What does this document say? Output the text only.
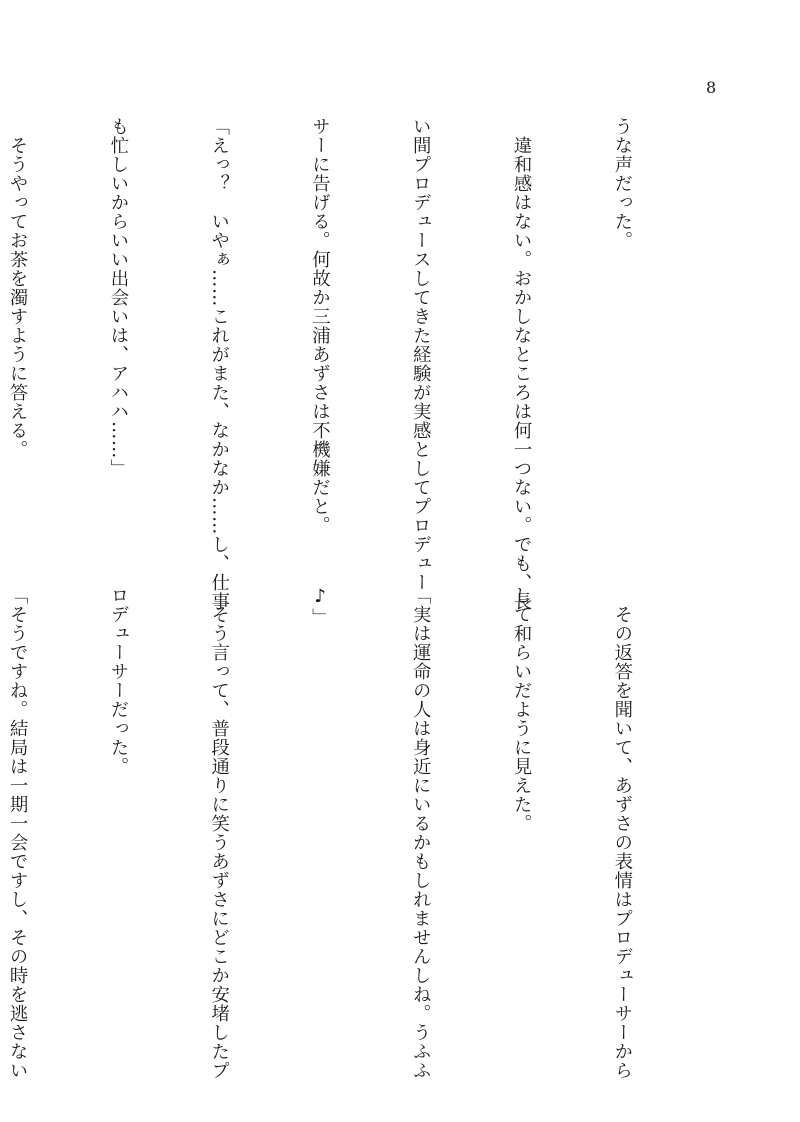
8

うな声だった。

　違和感はない。おかしなところは何一つない。でも、長

い間プロデュースしてきた経験が実感としてプロデュー

サーに告げる。何故か三浦あずさは不機嫌だと。

「えっ？　いやぁ……これがまた、なかなか……し、仕事

も忙しいからいい出会いは、アハハ……」

　そうやってお茶を濁すように答える。

　その返答を聞いて、あずさの表情はプロデューサーから

して和らいだように見えた。

「実は運命の人は身近にいるかもしれませんしね。うふふ

♪」

　そう言って、普段通りに笑うあずさにどこか安堵したプ

ロデューサーだった。

「そうですね。結局は一期一会ですし、その時を逃さない
